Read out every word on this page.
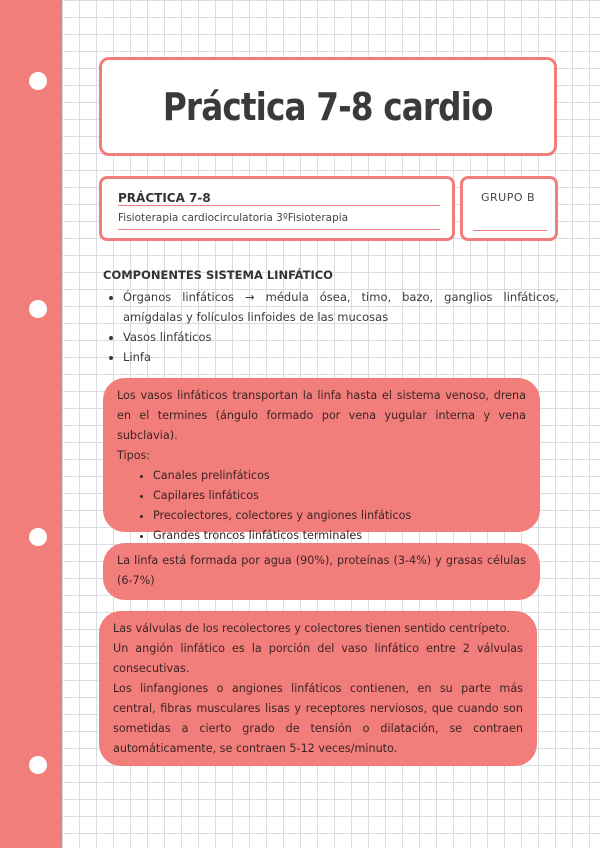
Práctica 7-8 cardio
PRÁCTICA 7-8
Fisioterapia cardiocirculatoria 3ºFisioterapia
GRUPO B
COMPONENTES SISTEMA LINFÁTICO
• Órganos linfáticos → médula ósea, timo, bazo, ganglios linfáticos, amígdalas y folículos linfoides de las mucosas
• Vasos linfáticos
• Linfa

Los vasos linfáticos transportan la linfa hasta el sistema venoso, drena en el termines (ángulo formado por vena yugular interna y vena subclavia).

Tipos:

• Canales prelinfáticos
• Capilares linfáticos
• Precolectores, colectores y angiones linfáticos
• Grandes troncos linfáticos terminales

La linfa está formada por agua (90%), proteínas (3-4%) y grasas células (6-7%)

Las válvulas de los recolectores y colectores tienen sentido centrípeto.

Un angión linfático es la porción del vaso linfático entre 2 válvulas consecutivas.

Los linfangiones o angiones linfáticos contienen, en su parte más central, fibras musculares lisas y receptores nerviosos, que cuando son sometidas a cierto grado de tensión o dilatación, se contraen automáticamente, se contraen 5-12 veces/minuto.
